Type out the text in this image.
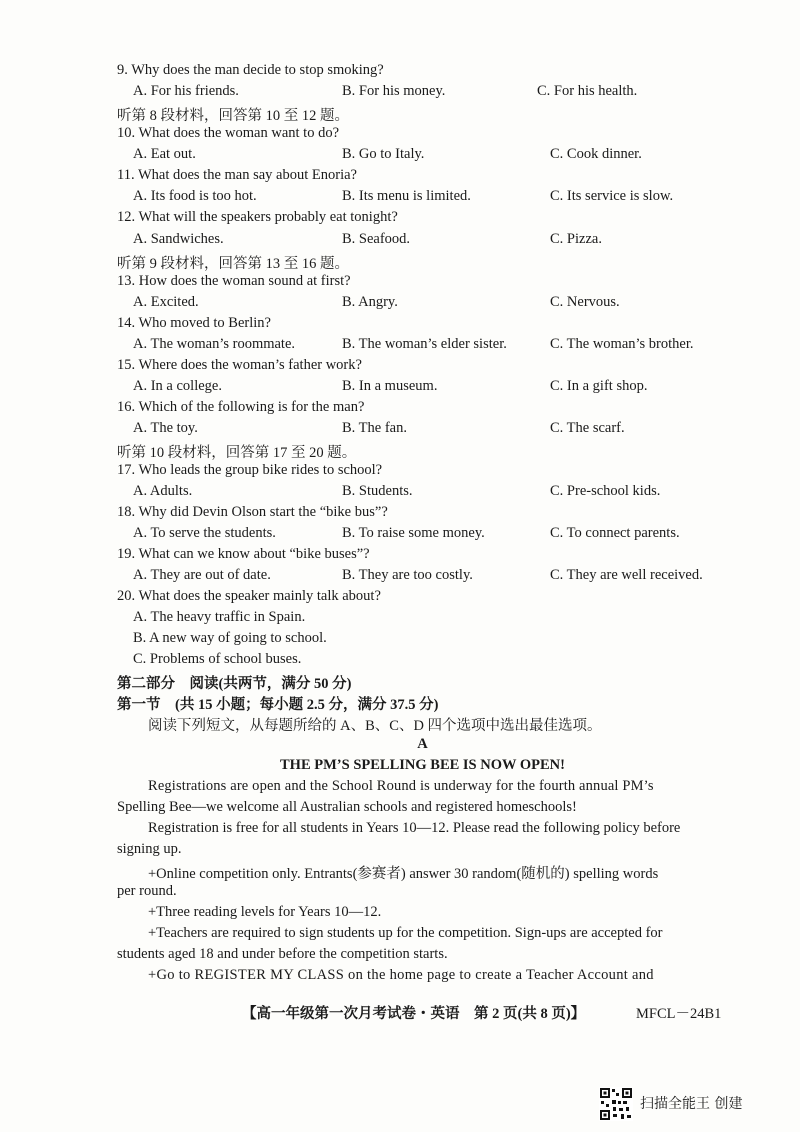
9. Why does the man decide to stop smoking?
A. For his friends.	B. For his money.	C. For his health.
听第 8 段材料，回答第 10 至 12 题。
10. What does the woman want to do?
A. Eat out.	B. Go to Italy.	C. Cook dinner.
11. What does the man say about Enoria?
A. Its food is too hot.	B. Its menu is limited.	C. Its service is slow.
12. What will the speakers probably eat tonight?
A. Sandwiches.	B. Seafood.	C. Pizza.
听第 9 段材料，回答第 13 至 16 题。
13. How does the woman sound at first?
A. Excited.	B. Angry.	C. Nervous.
14. Who moved to Berlin?
A. The woman’s roommate.	B. The woman’s elder sister.	C. The woman’s brother.
15. Where does the woman’s father work?
A. In a college.	B. In a museum.	C. In a gift shop.
16. Which of the following is for the man?
A. The toy.	B. The fan.	C. The scarf.
听第 10 段材料，回答第 17 至 20 题。
17. Who leads the group bike rides to school?
A. Adults.	B. Students.	C. Pre-school kids.
18. Why did Devin Olson start the “bike bus”?
A. To serve the students.	B. To raise some money.	C. To connect parents.
19. What can we know about “bike buses”?
A. They are out of date.	B. They are too costly.	C. They are well received.
20. What does the speaker mainly talk about?
A. The heavy traffic in Spain.
B. A new way of going to school.
C. Problems of school buses.
第二部分　阅读(共两节，满分 50 分)
第一节　(共 15 小题；每小题 2.5 分，满分 37.5 分)
阅读下列短文，从每题所给的 A、B、C、D 四个选项中选出最佳选项。
A
THE PM’S SPELLING BEE IS NOW OPEN!
Registrations are open and the School Round is underway for the fourth annual PM’s
Spelling Bee—we welcome all Australian schools and registered homeschools!
Registration is free for all students in Years 10—12. Please read the following policy before
signing up.
+Online competition only. Entrants(参赛者) answer 30 random(随机的) spelling words
per round.
+Three reading levels for Years 10—12.
+Teachers are required to sign students up for the competition. Sign-ups are accepted for
students aged 18 and under before the competition starts.
+Go to REGISTER MY CLASS on the home page to create a Teacher Account and
【高一年级第一次月考试卷・英语　第 2 页(共 8 页)】	MFCL－24B1
扫描全能王 创建
